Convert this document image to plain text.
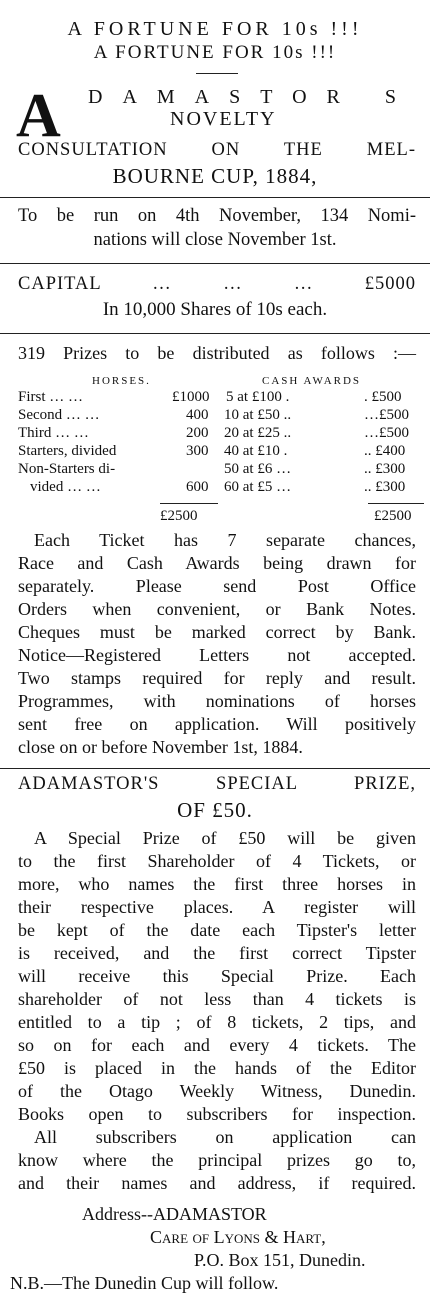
A FORTUNE FOR 10s !!!
A FORTUNE FOR 10s !!!
A DAMASTOR S
NOVELTY
CONSULTATION ON THE MEL-
BOURNE CUP, 1884,
To be run on 4th November, 134 Nomi-
nations will close November 1st.
CAPITAL … … … £5000
In 10,000 Shares of 10s each.
319 Prizes to be distributed as follows :—
HORSES.	CASH AWARDS
First … …	£1000 5 at £100 .	. £500
Second … …	400 10 at £50 ..	…£500
Third … …	200 20 at £25 ..	…£500
Starters, divided	300 40 at £10 .	.. £400
Non-Starters di-	50 at £6 …	.. £300
vided … …	600 60 at £5 …	.. £300
£2500	£2500
Each Ticket has 7 separate chances,
Race and Cash Awards being drawn for
separately. Please send Post Office
Orders when convenient, or Bank Notes.
Cheques must be marked correct by Bank.
Notice—Registered Letters not accepted.
Two stamps required for reply and result.
Programmes, with nominations of horses
sent free on application. Will positively
close on or before November 1st, 1884.
ADAMASTOR'S SPECIAL PRIZE,
OF £50.
A Special Prize of £50 will be given
to the first Shareholder of 4 Tickets, or
more, who names the first three horses in
their respective places. A register will
be kept of the date each Tipster's letter
is received, and the first correct Tipster
will receive this Special Prize. Each
shareholder of not less than 4 tickets is
entitled to a tip ; of 8 tickets, 2 tips, and
so on for each and every 4 tickets. The
£50 is placed in the hands of the Editor
of the Otago Weekly Witness, Dunedin.
Books open to subscribers for inspection.
All subscribers on application can
know where the principal prizes go to,
and their names and address, if required.
Address--ADAMASTOR
Care of Lyons & Hart,
P.O. Box 151, Dunedin.
N.B.—The Dunedin Cup will follow.
